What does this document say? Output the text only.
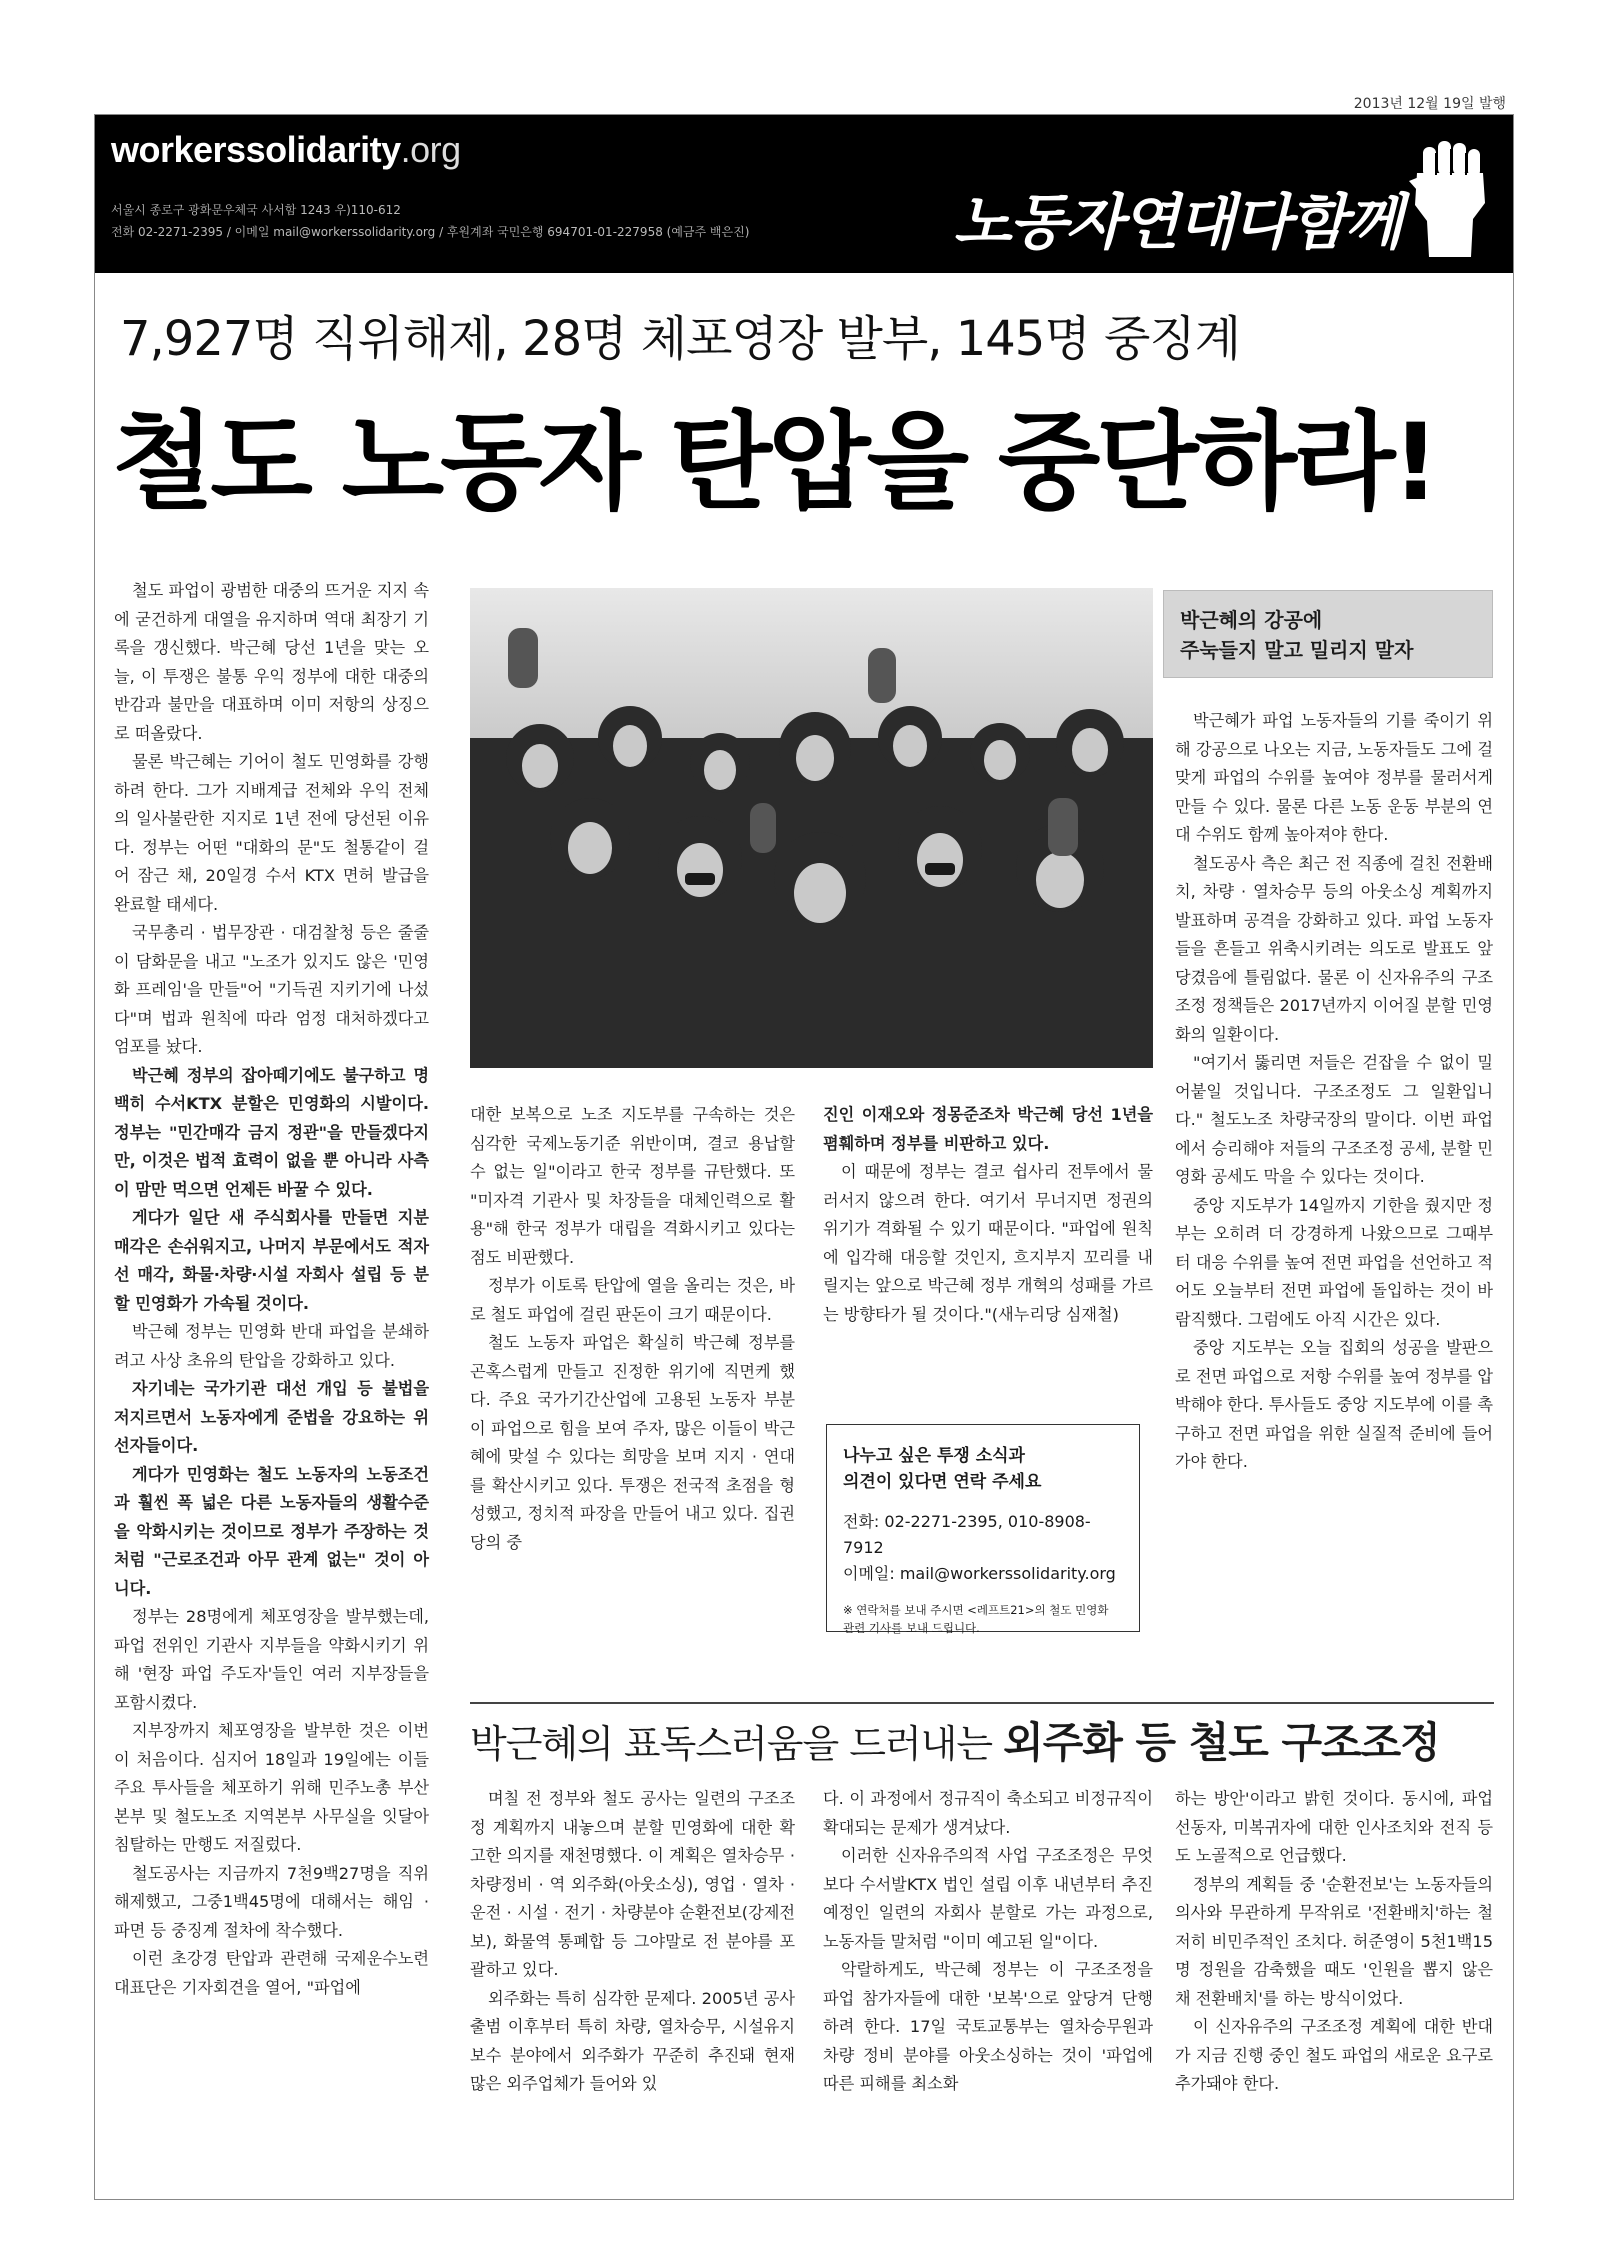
2013년 12월 19일 발행
workerssolidarity.org
서울시 종로구 광화문우체국 사서함 1243 우)110-612
전화 02-2271-2395 / 이메일 mail@workerssolidarity.org / 후원계좌 국민은행 694701-01-227958 (예금주 백은진)	노동자연대다함께
7,927명 직위해제, 28명 체포영장 발부, 145명 중징계
철도 노동자 탄압을 중단하라!

철도 파업이 광범한 대중의 뜨거운 지지 속에 굳건하게 대열을 유지하며 역대 최장기 기록을 갱신했다. 박근혜 당선 1년을 맞는 오늘, 이 투쟁은 불통 우익 정부에 대한 대중의 반감과 불만을 대표하며 이미 저항의 상징으로 떠올랐다.

물론 박근혜는 기어이 철도 민영화를 강행하려 한다. 그가 지배계급 전체와 우익 전체의 일사불란한 지지로 1년 전에 당선된 이유다. 정부는 어떤 "대화의 문"도 철통같이 걸어 잠근 채, 20일경 수서 KTX 면허 발급을 완료할 태세다.

국무총리 · 법무장관 · 대검찰청 등은 줄줄이 담화문을 내고 "노조가 있지도 않은 '민영화 프레임'을 만들"어 "기득권 지키기에 나섰다"며 법과 원칙에 따라 엄정 대처하겠다고 엄포를 놨다.

박근혜 정부의 잡아떼기에도 불구하고 명백히 수서KTX 분할은 민영화의 시발이다. 정부는 "민간매각 금지 정관"을 만들겠다지만, 이것은 법적 효력이 없을 뿐 아니라 사측이 맘만 먹으면 언제든 바꿀 수 있다.

게다가 일단 새 주식회사를 만들면 지분 매각은 손쉬워지고, 나머지 부문에서도 적자선 매각, 화물·차량·시설 자회사 설립 등 분할 민영화가 가속될 것이다.

박근혜 정부는 민영화 반대 파업을 분쇄하려고 사상 초유의 탄압을 강화하고 있다.

자기네는 국가기관 대선 개입 등 불법을 저지르면서 노동자에게 준법을 강요하는 위선자들이다.

게다가 민영화는 철도 노동자의 노동조건과 훨씬 폭 넓은 다른 노동자들의 생활수준을 악화시키는 것이므로 정부가 주장하는 것처럼 "근로조건과 아무 관계 없는" 것이 아니다.

정부는 28명에게 체포영장을 발부했는데, 파업 전위인 기관사 지부들을 약화시키기 위해 '현장 파업 주도자'들인 여러 지부장들을 포함시켰다.

지부장까지 체포영장을 발부한 것은 이번이 처음이다. 심지어 18일과 19일에는 이들 주요 투사들을 체포하기 위해 민주노총 부산본부 및 철도노조 지역본부 사무실을 잇달아 침탈하는 만행도 저질렀다.

철도공사는 지금까지 7천9백27명을 직위해제했고, 그중1백45명에 대해서는 해임 · 파면 등 중징계 절차에 착수했다.

이런 초강경 탄압과 관련해 국제운수노련 대표단은 기자회견을 열어, "파업에

박근혜의 강공에
주눅들지 말고 밀리지 말자

대한 보복으로 노조 지도부를 구속하는 것은 심각한 국제노동기준 위반이며, 결코 용납할 수 없는 일"이라고 한국 정부를 규탄했다. 또 "미자격 기관사 및 차장들을 대체인력으로 활용"해 한국 정부가 대립을 격화시키고 있다는 점도 비판했다.

정부가 이토록 탄압에 열을 올리는 것은, 바로 철도 파업에 걸린 판돈이 크기 때문이다.

철도 노동자 파업은 확실히 박근혜 정부를 곤혹스럽게 만들고 진정한 위기에 직면케 했다. 주요 국가기간산업에 고용된 노동자 부분이 파업으로 힘을 보여 주자, 많은 이들이 박근혜에 맞설 수 있다는 희망을 보며 지지 · 연대를 확산시키고 있다. 투쟁은 전국적 초점을 형성했고, 정치적 파장을 만들어 내고 있다. 집권당의 중

진인 이재오와 정몽준조차 박근혜 당선 1년을 폄훼하며 정부를 비판하고 있다.

이 때문에 정부는 결코 쉽사리 전투에서 물러서지 않으려 한다. 여기서 무너지면 정권의 위기가 격화될 수 있기 때문이다. "파업에 원칙에 입각해 대응할 것인지, 흐지부지 꼬리를 내릴지는 앞으로 박근혜 정부 개혁의 성패를 가르는 방향타가 될 것이다."(새누리당 심재철)

나누고 싶은 투쟁 소식과
의견이 있다면 연락 주세요
전화: 02-2271-2395, 010-8908-7912
이메일: mail@workerssolidarity.org
※ 연락처를 보내 주시면 <레프트21>의 철도 민영화 관련 기사를 보내 드립니다.

박근혜가 파업 노동자들의 기를 죽이기 위해 강공으로 나오는 지금, 노동자들도 그에 걸맞게 파업의 수위를 높여야 정부를 물러서게 만들 수 있다. 물론 다른 노동 운동 부분의 연대 수위도 함께 높아져야 한다.

철도공사 측은 최근 전 직종에 걸친 전환배치, 차량 · 열차승무 등의 아웃소싱 계획까지 발표하며 공격을 강화하고 있다. 파업 노동자들을 흔들고 위축시키려는 의도로 발표도 앞당겼음에 틀림없다. 물론 이 신자유주의 구조조정 정책들은 2017년까지 이어질 분할 민영화의 일환이다.

"여기서 뚫리면 저들은 걷잡을 수 없이 밀어붙일 것입니다. 구조조정도 그 일환입니다." 철도노조 차량국장의 말이다. 이번 파업에서 승리해야 저들의 구조조정 공세, 분할 민영화 공세도 막을 수 있다는 것이다.

중앙 지도부가 14일까지 기한을 줬지만 정부는 오히려 더 강경하게 나왔으므로 그때부터 대응 수위를 높여 전면 파업을 선언하고 적어도 오늘부터 전면 파업에 돌입하는 것이 바람직했다. 그럼에도 아직 시간은 있다.

중앙 지도부는 오늘 집회의 성공을 발판으로 전면 파업으로 저항 수위를 높여 정부를 압박해야 한다. 투사들도 중앙 지도부에 이를 촉구하고 전면 파업을 위한 실질적 준비에 들어가야 한다.

박근혜의 표독스러움을 드러내는 외주화 등 철도 구조조정

며칠 전 정부와 철도 공사는 일련의 구조조정 계획까지 내놓으며 분할 민영화에 대한 확고한 의지를 재천명했다. 이 계획은 열차승무 · 차량정비 · 역 외주화(아웃소싱), 영업 · 열차 · 운전 · 시설 · 전기 · 차량분야 순환전보(강제전보), 화물역 통폐합 등 그야말로 전 분야를 포괄하고 있다.

외주화는 특히 심각한 문제다. 2005년 공사 출범 이후부터 특히 차량, 열차승무, 시설유지보수 분야에서 외주화가 꾸준히 추진돼 현재 많은 외주업체가 들어와 있

다. 이 과정에서 정규직이 축소되고 비정규직이 확대되는 문제가 생겨났다.

이러한 신자유주의적 사업 구조조정은 무엇보다 수서발KTX 법인 설립 이후 내년부터 추진 예정인 일련의 자회사 분할로 가는 과정으로, 노동자들 말처럼 "이미 예고된 일"이다.

악랄하게도, 박근혜 정부는 이 구조조정을 파업 참가자들에 대한 '보복'으로 앞당겨 단행하려 한다. 17일 국토교통부는 열차승무원과 차량 정비 분야를 아웃소싱하는 것이 '파업에 따른 피해를 최소화

하는 방안'이라고 밝힌 것이다. 동시에, 파업 선동자, 미복귀자에 대한 인사조치와 전직 등도 노골적으로 언급했다.

정부의 계획들 중 '순환전보'는 노동자들의 의사와 무관하게 무작위로 '전환배치'하는 철저히 비민주적인 조치다. 허준영이 5천1백15명 정원을 감축했을 때도 '인원을 뽑지 않은 채 전환배치'를 하는 방식이었다.

이 신자유주의 구조조정 계획에 대한 반대가 지금 진행 중인 철도 파업의 새로운 요구로 추가돼야 한다.
